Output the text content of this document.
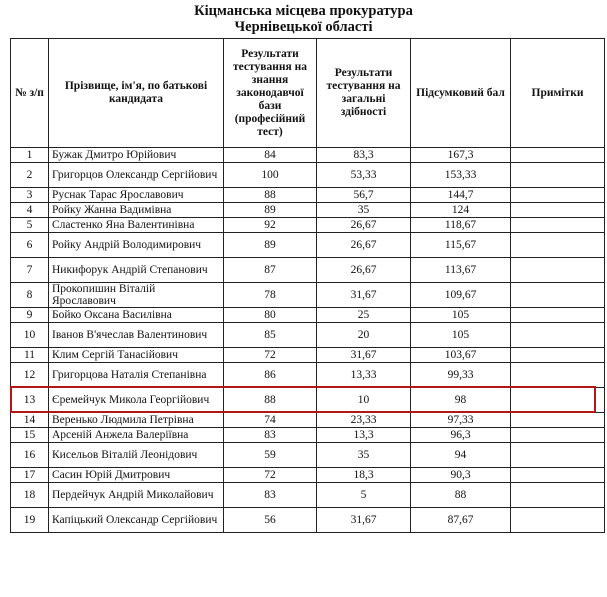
Кіцманська місцева прокуратура
Чернівецької області
№ з/п	Прізвище, ім'я, по батькові кандидата	Результати тестування на знання законодавчої бази (професійний тест)	Результати тестування на загальні здібності	Підсумковий бал	Примітки
1	Бужак Дмитро Юрійович	84	83,3	167,3	
2	Григорцов Олександр Сергійович	100	53,33	153,33	
3	Руснак Тарас Ярославович	88	56,7	144,7	
4	Ройку Жанна Вадимівна	89	35	124	
5	Сластенко Яна Валентинівна	92	26,67	118,67	
6	Ройку Андрій Володимирович	89	26,67	115,67	
7	Никифорук Андрій Степанович	87	26,67	113,67	
8	Прокопишин Віталій Ярославович	78	31,67	109,67	
9	Бойко Оксана Василівна	80	25	105	
10	Іванов В'ячеслав Валентинович	85	20	105	
11	Клим Сергій Танасійович	72	31,67	103,67	
12	Григорцова Наталія Степанівна	86	13,33	99,33	
13	Єремейчук Микола Георгійович	88	10	98	
14	Веренько Людмила Петрівна	74	23,33	97,33	
15	Арсеній Анжела Валеріївна	83	13,3	96,3	
16	Кисельов Віталій Леонідович	59	35	94	
17	Сасин Юрій Дмитрович	72	18,3	90,3	
18	Пердейчук Андрій Миколайович	83	5	88	
19	Капіцький Олександр Сергійович	56	31,67	87,67	
